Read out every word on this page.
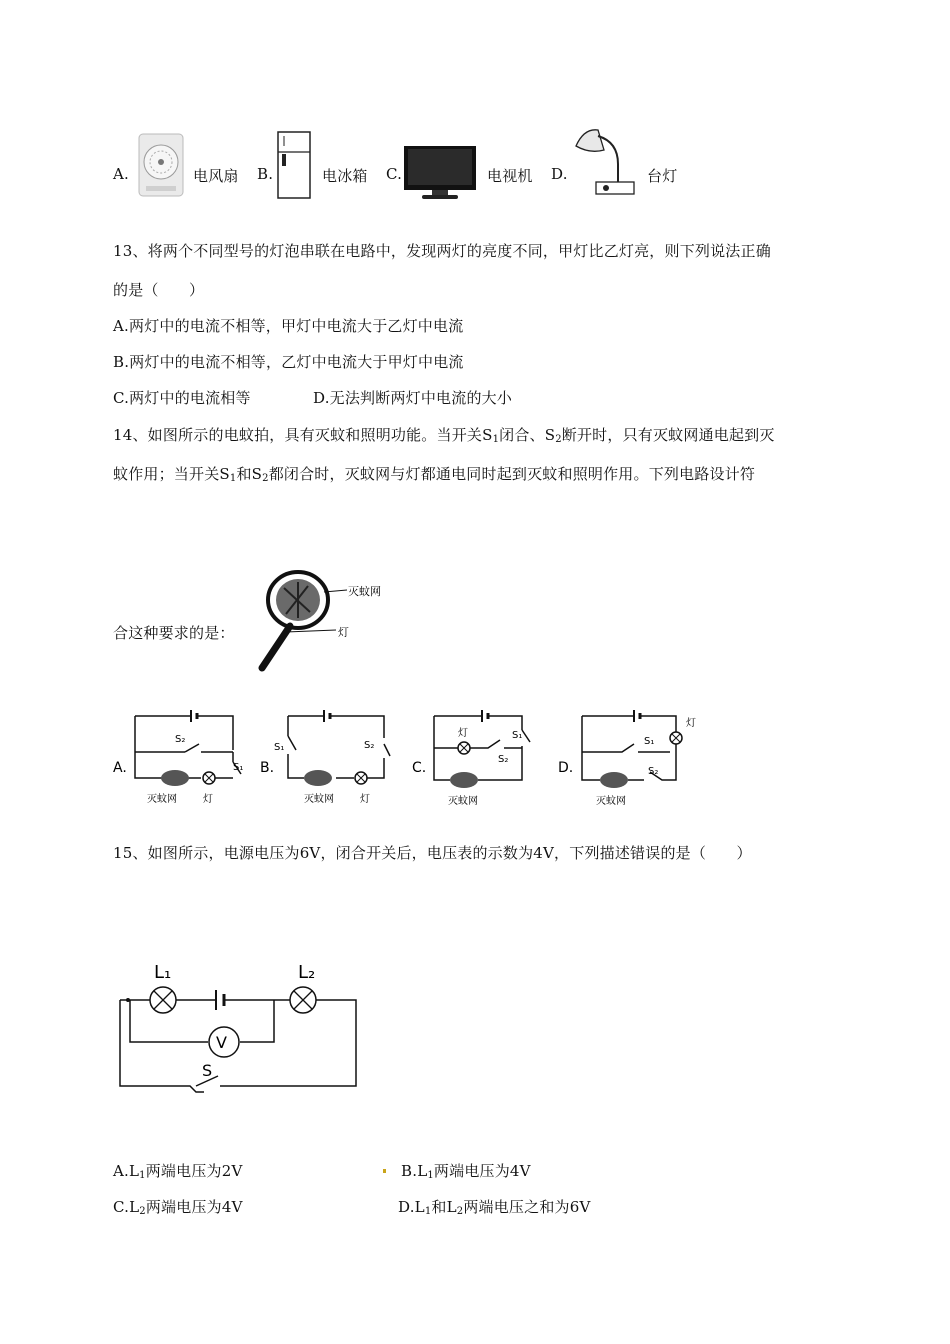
A.	电风扇 B.	电冰箱 C.	电视机 D.	台灯
13、将两个不同型号的灯泡串联在电路中，发现两灯的亮度不同，甲灯比乙灯亮，则下列说法正确
的是（　　）
A.两灯中的电流不相等，甲灯中电流大于乙灯中电流
B.两灯中的电流不相等，乙灯中电流大于甲灯中电流
C.两灯中的电流相等	D.无法判断两灯中电流的大小
14、如图所示的电蚊拍，具有灭蚊和照明功能。当开关$S_1$闭合、$S_2$断开时，只有灭蚊网通电起到灭
蚊作用；当开关$S_1$和$S_2$都闭合时，灭蚊网与灯都通电同时起到灭蚊和照明作用。下列电路设计符
合这种要求的是：
灭蚊网
灯
A.
S₂
S₁
灭蚊网	灯
B.
S₁	S₂
灭蚊网	灯
C.
灯	S₁
S₂
灭蚊网
D.
灯
S₁
S₂
灭蚊网
15、如图所示，电源电压为6V，闭合开关后，电压表的示数为4V，下列描述错误的是（　　）
V
L₁	L₂
S
$A.L_1$两端电压为2V	$B.L_1$两端电压为4V
$C.L_2$两端电压为4V	$D.L_1$和$L_2$两端电压之和为6V
